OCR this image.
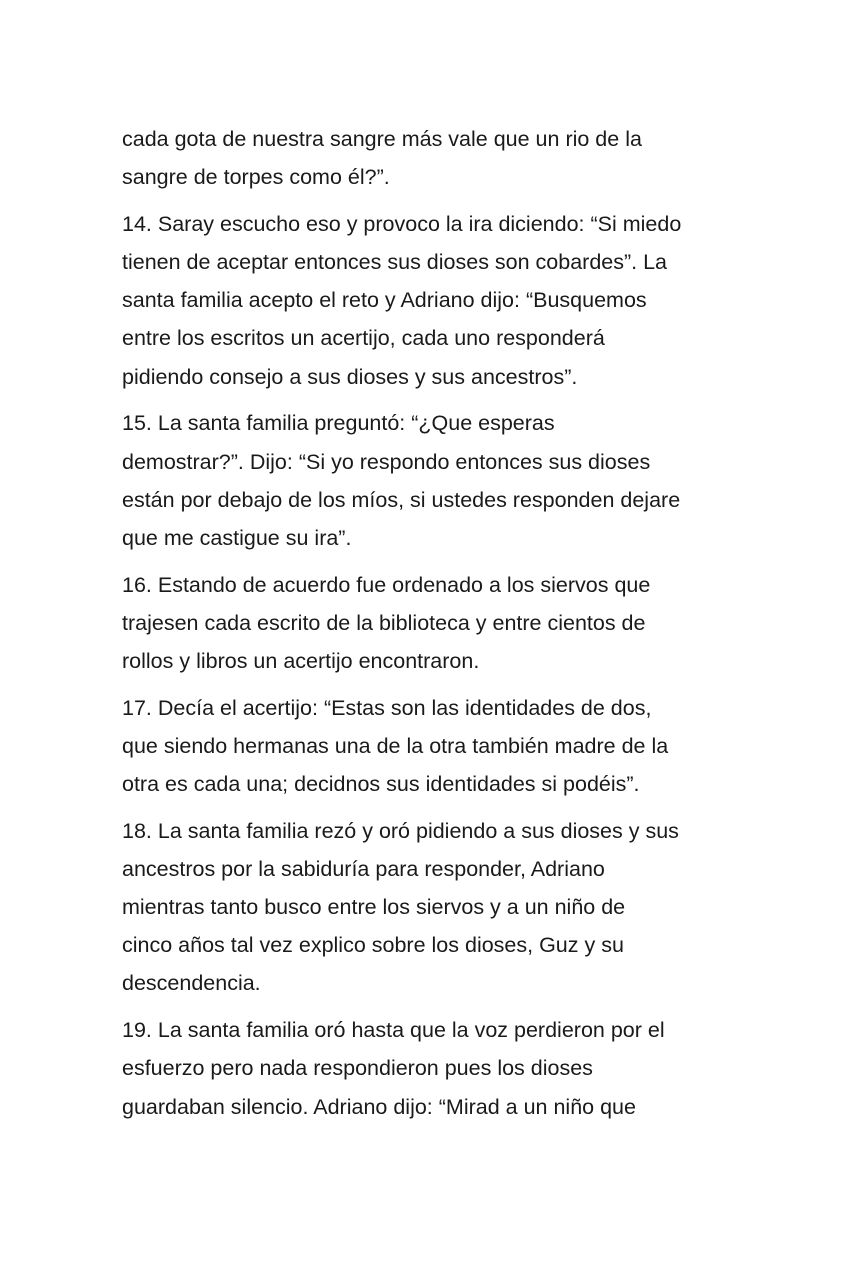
cada gota de nuestra sangre más vale que un rio de la
sangre de torpes como él?”.

14. Saray escucho eso y provoco la ira diciendo: “Si miedo
tienen de aceptar entonces sus dioses son cobardes”. La
santa familia acepto el reto y Adriano dijo: “Busquemos
entre los escritos un acertijo, cada uno responderá
pidiendo consejo a sus dioses y sus ancestros”.

15. La santa familia preguntó: “¿Que esperas
demostrar?”. Dijo: “Si yo respondo entonces sus dioses
están por debajo de los míos, si ustedes responden dejare
que me castigue su ira”.

16. Estando de acuerdo fue ordenado a los siervos que
trajesen cada escrito de la biblioteca y entre cientos de
rollos y libros un acertijo encontraron.

17. Decía el acertijo: “Estas son las identidades de dos,
que siendo hermanas una de la otra también madre de la
otra es cada una; decidnos sus identidades si podéis”.

18. La santa familia rezó y oró pidiendo a sus dioses y sus
ancestros por la sabiduría para responder, Adriano
mientras tanto busco entre los siervos y a un niño de
cinco años tal vez explico sobre los dioses, Guz y su
descendencia.

19. La santa familia oró hasta que la voz perdieron por el
esfuerzo pero nada respondieron pues los dioses
guardaban silencio. Adriano dijo: “Mirad a un niño que
